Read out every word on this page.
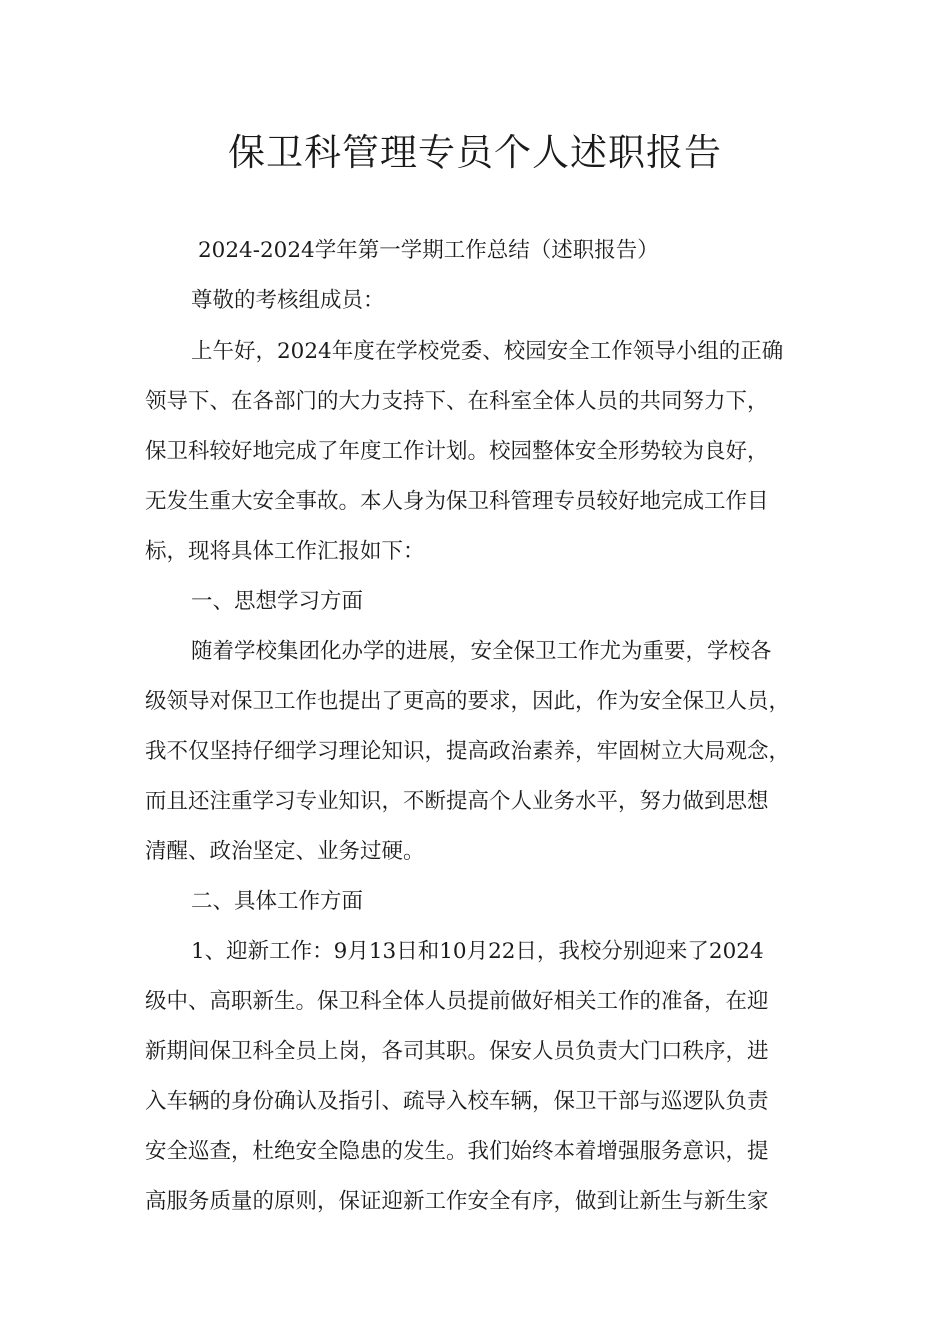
保卫科管理专员个人述职报告
2024-2024学年第一学期工作总结（述职报告）
尊敬的考核组成员：
上午好，2024年度在学校党委、校园安全工作领导小组的正确
领导下、在各部门的大力支持下、在科室全体人员的共同努力下，
保卫科较好地完成了年度工作计划。校园整体安全形势较为良好，
无发生重大安全事故。本人身为保卫科管理专员较好地完成工作目
标，现将具体工作汇报如下：
一、思想学习方面
随着学校集团化办学的进展，安全保卫工作尤为重要，学校各
级领导对保卫工作也提出了更高的要求，因此，作为安全保卫人员，
我不仅坚持仔细学习理论知识，提高政治素养，牢固树立大局观念，
而且还注重学习专业知识，不断提高个人业务水平，努力做到思想
清醒、政治坚定、业务过硬。
二、具体工作方面
1、迎新工作：9月13日和10月22日，我校分别迎来了2024
级中、高职新生。保卫科全体人员提前做好相关工作的准备，在迎
新期间保卫科全员上岗，各司其职。保安人员负责大门口秩序，进
入车辆的身份确认及指引、疏导入校车辆，保卫干部与巡逻队负责
安全巡查，杜绝安全隐患的发生。我们始终本着增强服务意识，提
高服务质量的原则，保证迎新工作安全有序，做到让新生与新生家
